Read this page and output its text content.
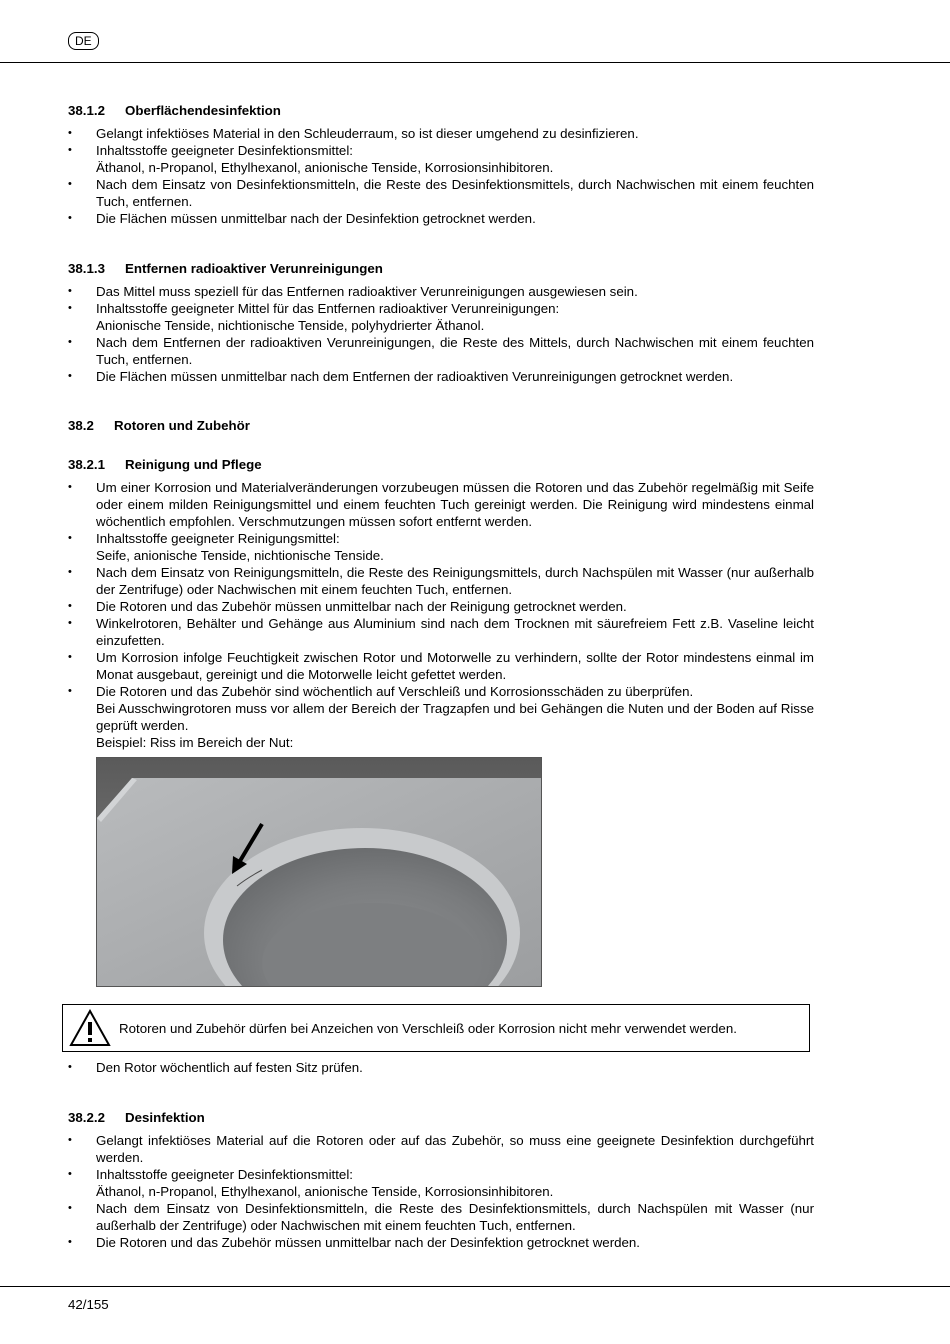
DE
38.1.2 Oberflächendesinfektion
• Gelangt infektiöses Material in den Schleuderraum, so ist dieser umgehend zu desinfizieren.
• Inhaltsstoffe geeigneter Desinfektionsmittel:
Äthanol, n-Propanol, Ethylhexanol, anionische Tenside, Korrosionsinhibitoren.
• Nach dem Einsatz von Desinfektionsmitteln, die Reste des Desinfektionsmittels, durch Nachwischen mit einem feuchten Tuch, entfernen.
• Die Flächen müssen unmittelbar nach der Desinfektion getrocknet werden.
38.1.3 Entfernen radioaktiver Verunreinigungen
• Das Mittel muss speziell für das Entfernen radioaktiver Verunreinigungen ausgewiesen sein.
• Inhaltsstoffe geeigneter Mittel für das Entfernen radioaktiver Verunreinigungen:
Anionische Tenside, nichtionische Tenside, polyhydrierter Äthanol.
• Nach dem Entfernen der radioaktiven Verunreinigungen, die Reste des Mittels, durch Nachwischen mit einem feuchten Tuch, entfernen.
• Die Flächen müssen unmittelbar nach dem Entfernen der radioaktiven Verunreinigungen getrocknet werden.
38.2 Rotoren und Zubehör
38.2.1 Reinigung und Pflege
• Um einer Korrosion und Materialveränderungen vorzubeugen müssen die Rotoren und das Zubehör regelmäßig mit Seife oder einem milden Reinigungsmittel und einem feuchten Tuch gereinigt werden. Die Reinigung wird mindestens einmal wöchentlich empfohlen. Verschmutzungen müssen sofort entfernt werden.
• Inhaltsstoffe geeigneter Reinigungsmittel:
Seife, anionische Tenside, nichtionische Tenside.
• Nach dem Einsatz von Reinigungsmitteln, die Reste des Reinigungsmittels, durch Nachspülen mit Wasser (nur außerhalb der Zentrifuge) oder Nachwischen mit einem feuchten Tuch, entfernen.
• Die Rotoren und das Zubehör müssen unmittelbar nach der Reinigung getrocknet werden.
• Winkelrotoren, Behälter und Gehänge aus Aluminium sind nach dem Trocknen mit säurefreiem Fett z.B. Vaseline leicht einzufetten.
• Um Korrosion infolge Feuchtigkeit zwischen Rotor und Motorwelle zu verhindern, sollte der Rotor mindestens einmal im Monat ausgebaut, gereinigt und die Motorwelle leicht gefettet werden.
• Die Rotoren und das Zubehör sind wöchentlich auf Verschleiß und Korrosionsschäden zu überprüfen.
Bei Ausschwingrotoren muss vor allem der Bereich der Tragzapfen und bei Gehängen die Nuten und der Boden auf Risse geprüft werden.
Beispiel: Riss im Bereich der Nut:
Rotoren und Zubehör dürfen bei Anzeichen von Verschleiß oder Korrosion nicht mehr verwendet werden.
• Den Rotor wöchentlich auf festen Sitz prüfen.
38.2.2 Desinfektion
• Gelangt infektiöses Material auf die Rotoren oder auf das Zubehör, so muss eine geeignete Desinfektion durchgeführt werden.
• Inhaltsstoffe geeigneter Desinfektionsmittel:
Äthanol, n-Propanol, Ethylhexanol, anionische Tenside, Korrosionsinhibitoren.
• Nach dem Einsatz von Desinfektionsmitteln, die Reste des Desinfektionsmittels, durch Nachspülen mit Wasser (nur außerhalb der Zentrifuge) oder Nachwischen mit einem feuchten Tuch, entfernen.
• Die Rotoren und das Zubehör müssen unmittelbar nach der Desinfektion getrocknet werden.
42/155
